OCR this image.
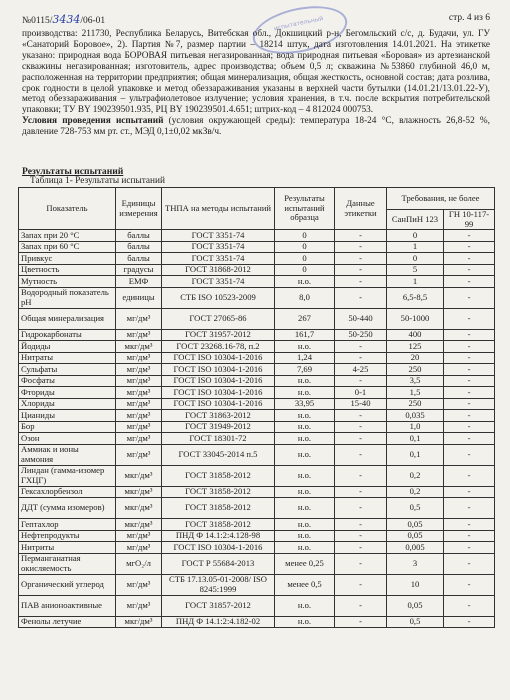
№0115/3434/06-01	испытательный	стр. 4 из 6

производства: 211730, Республика Беларусь, Витебская обл., Докшицкий р-н, Бегомльский с/с, д. Будачи, ул. ГУ «Санаторий Боровое», 2). Партия №7, размер партии – 18214 штук, дата изготовления 14.01.2021. На этикетке указано: природная вода БОРОВАЯ питьевая негазированная; вода природная питьевая «Боровая» из артезианской скважины негазированная; изготовитель, адрес производства; объем 0,5 л; скважина №53860 глубиной 46,0 м, расположенная на территории предприятия; общая минерализация, общая жесткость, основной состав; дата розлива, срок годности в целой упаковке и метод обеззараживания указаны в верхней части бутылки (14.01.21/13.01.22-У), метод обеззараживания – ультрафиолетовое излучение; условия хранения, в т.ч. после вскрытия потребительской упаковки; ТУ BY 190239501.935, РЦ BY 190239501.4.651; штрих-код – 4 812024 000753.

Условия проведения испытаний (условия окружающей среды): температура 18-24 °С, влажность 26,8-52 %, давление 728-753 мм рт. ст., МЭД 0,1±0,02 мкЗв/ч.

Результаты испытаний
Таблица 1- Результаты испытаний
Показатель	Единицы измерения	ТНПА на методы испытаний	Результаты испытаний образца	Данные этикетки	Требования, не более	
					СанПиН 123	ГН 10-117-99
Запах при 20 °С	баллы	ГОСТ 3351-74	0	-	0	-
Запах при 60 °С	баллы	ГОСТ 3351-74	0	-	1	-
Привкус	баллы	ГОСТ 3351-74	0	-	0	-
Цветность	градусы	ГОСТ 31868-2012	0	-	5	-
Мутность	ЕМФ	ГОСТ 3351-74	н.о.	-	1	-
Водородный показатель pH	единицы	СТБ ISO 10523-2009	8,0	-	6,5-8,5	-
Общая минерализация	мг/дм³	ГОСТ 27065-86	267	50-440	50-1000	-
Гидрокарбонаты	мг/дм³	ГОСТ 31957-2012	161,7	50-250	400	-
Йодиды	мкг/дм³	ГОСТ 23268.16-78, п.2	н.о.	-	125	-
Нитраты	мг/дм³	ГОСТ ISO 10304-1-2016	1,24	-	20	-
Сульфаты	мг/дм³	ГОСТ ISO 10304-1-2016	7,69	4-25	250	-
Фосфаты	мг/дм³	ГОСТ ISO 10304-1-2016	н.о.	-	3,5	-
Фториды	мг/дм³	ГОСТ ISO 10304-1-2016	н.о.	0-1	1,5	-
Хлориды	мг/дм³	ГОСТ ISO 10304-1-2016	33,95	15-40	250	-
Цианиды	мг/дм³	ГОСТ 31863-2012	н.о.	-	0,035	-
Бор	мг/дм³	ГОСТ 31949-2012	н.о.	-	1,0	-
Озон	мг/дм³	ГОСТ 18301-72	н.о.	-	0,1	-
Аммиак и ионы аммония	мг/дм³	ГОСТ 33045-2014 п.5	н.о.	-	0,1	-
Линдан (гамма-изомер ГХЦГ)	мкг/дм³	ГОСТ 31858-2012	н.о.	-	0,2	-
Гексахлорбензол	мкг/дм³	ГОСТ 31858-2012	н.о.	-	0,2	-
ДДТ (сумма изомеров)	мкг/дм³	ГОСТ 31858-2012	н.о.	-	0,5	-
Гептахлор	мкг/дм³	ГОСТ 31858-2012	н.о.	-	0,05	-
Нефтепродукты	мг/дм³	ПНД Ф 14.1:2:4.128-98	н.о.	-	0,05	-
Нитриты	мг/дм³	ГОСТ ISO 10304-1-2016	н.о.	-	0,005	-
Перманганатная окисляемость	мгO₂/л	ГОСТ Р 55684-2013	менее 0,25	-	3	-
Органический углерод	мг/дм³	СТБ 17.13.05-01-2008/ ISO 8245:1999	менее 0,5	-	10	-
ПАВ анионоактивные	мг/дм³	ГОСТ 31857-2012	н.о.	-	0,05	-
Фенолы летучие	мкг/дм³	ПНД Ф 14.1:2:4.182-02	н.о.	-	0,5	-
